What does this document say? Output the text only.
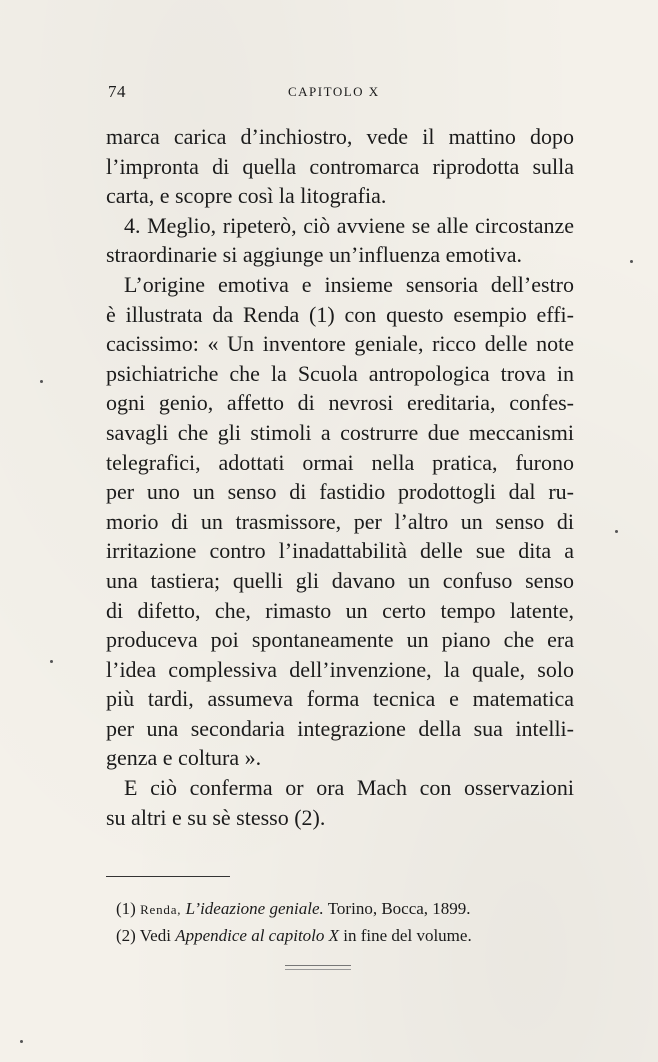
74	CAPITOLO X
marca carica d’inchiostro, vede il mattino dopo
l’impronta di quella contromarca riprodotta sulla
carta, e scopre così la litografia.
4. Meglio, ripeterò, ciò avviene se alle circostanze
straordinarie si aggiunge un’influenza emotiva.
L’origine emotiva e insieme sensoria dell’estro
è illustrata da Renda (1) con questo esempio effi-
cacissimo: « Un inventore geniale, ricco delle note
psichiatriche che la Scuola antropologica trova in
ogni genio, affetto di nevrosi ereditaria, confes-
savagli che gli stimoli a costrurre due meccanismi
telegrafici, adottati ormai nella pratica, furono
per uno un senso di fastidio prodottogli dal ru-
morio di un trasmissore, per l’altro un senso di
irritazione contro l’inadattabilità delle sue dita a
una tastiera; quelli gli davano un confuso senso
di difetto, che, rimasto un certo tempo latente,
produceva poi spontaneamente un piano che era
l’idea complessiva dell’invenzione, la quale, solo
più tardi, assumeva forma tecnica e matematica
per una secondaria integrazione della sua intelli-
genza e coltura ».
E ciò conferma or ora Mach con osservazioni
su altri e su sè stesso (2).
(1) Renda, L’ideazione geniale. Torino, Bocca, 1899.
(2) Vedi Appendice al capitolo X in fine del volume.
